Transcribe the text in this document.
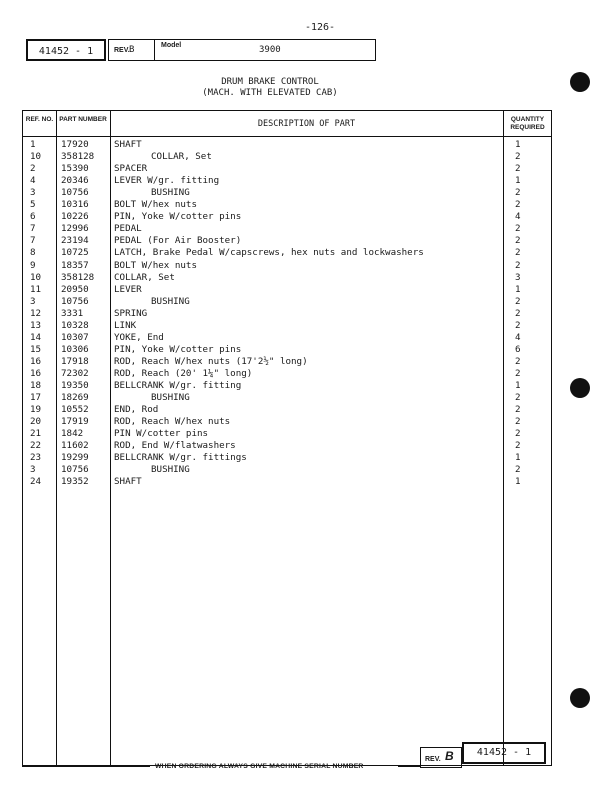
-126-
41452 - 1	REV. B	Model	3900
DRUM BRAKE CONTROL
(MACH. WITH ELEVATED CAB)
REF. NO. PART NUMBER	DESCRIPTION OF PART	QUANTITY REQUIRED
1	17920	SHAFT	1
10 358128	COLLAR, Set	2
2	15390	SPACER	2
4	20346	LEVER W/gr. fitting	1
3	10756	BUSHING	2
5	10316	BOLT W/hex nuts	2
6	10226	PIN, Yoke W/cotter pins	4
7	12996	PEDAL	2
7	23194	PEDAL (For Air Booster)	2
8	10725	LATCH, Brake Pedal W/capscrews, hex nuts and lockwashers	2
9	18357	BOLT W/hex nuts	2
10 358128 COLLAR, Set	3
11 20950	LEVER	1
3	10756	BUSHING	2
12 3331	SPRING	2
13 10328	LINK	2
14 10307	YOKE, End	4
15 10306	PIN, Yoke W/cotter pins	6
16 17918	ROD, Reach W/hex nuts (17'2½" long)	2
16 72302	ROD, Reach (20' 1¼" long)	2
18 19350	BELLCRANK W/gr. fitting	1
17 18269	BUSHING	2
19 10552	END, Rod	2
20 17919	ROD, Reach W/hex nuts	2
21 1842	PIN W/cotter pins	2
22 11602	ROD, End W/flatwashers	2
23 19299	BELLCRANK W/gr. fittings	1
3	10756	BUSHING	2
24 19352	SHAFT	1
WHEN ORDERING ALWAYS GIVE MACHINE SERIAL NUMBER
REV. B	41452 - 1
